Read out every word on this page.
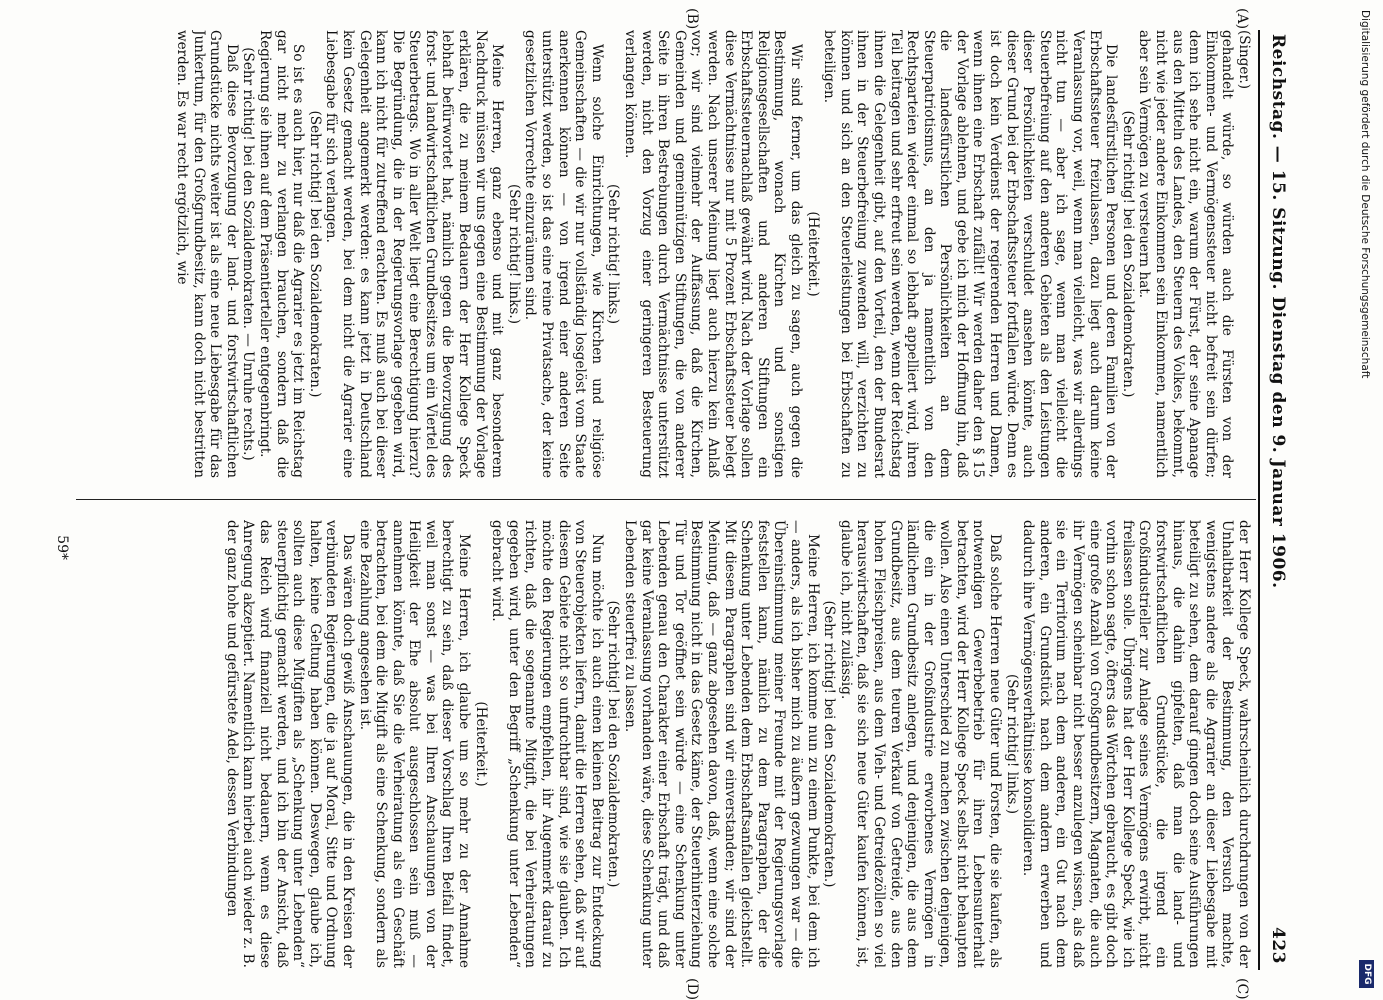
Reichstag. — 15. Sitzung. Dienstag den 9. Januar 1906.
423
(A)
(B)
(C)
(D)

(Singer.)

gehandelt würde, so würden auch die Fürsten von der Einkommen- und Vermögenssteuer nicht befreit sein dürfen; denn ich sehe nicht ein, warum der Fürst, der seine Apanage aus den Mitteln des Landes, den Steuern des Volkes, bekommt, nicht wie jeder andere Einkommen sein Einkommen, namentlich aber sein Vermögen zu versteuern hat.

(Sehr richtig! bei den Sozialdemokraten.)

Die landesfürstlichen Personen und deren Familien von der Erbschaftssteuer freizulassen, dazu liegt auch darum keine Veranlassung vor, weil, wenn man vielleicht, was wir allerdings nicht tun — aber ich sage, wenn man vielleicht die Steuerbefreiung auf den anderen Gebieten als den Leistungen dieser Persönlichkeiten verschuldet ansehen könnte, auch dieser Grund bei der Erbschaftssteuer fortfallen würde. Denn es ist doch kein Verdienst der regierenden Herren und Damen, wenn ihnen eine Erbschaft zufällt! Wir werden daher den § 15 der Vorlage ablehnen, und gebe ich mich der Hoffnung hin, daß die landesfürstlichen Persönlichkeiten an dem Steuerpatriotismus, an den ja namentlich von den Rechtsparteien wieder einmal so lebhaft appelliert wird, ihren Teil beitragen und sehr erfreut sein werden, wenn der Reichstag ihnen die Gelegenheit gibt, auf den Vorteil, den der Bundesrat ihnen in der Steuerbefreiung zuwenden will, verzichten zu können und sich an den Steuerleistungen bei Erbschaften zu beteiligen.

(Heiterkeit.)

Wir sind ferner, um das gleich zu sagen, auch gegen die Bestimmung, wonach Kirchen und sonstigen Religionsgesellschaften und anderen Stiftungen ein Erbschaftssteuernachlaß gewährt wird. Nach der Vorlage sollen diese Vermächtnisse nur mit 5 Prozent Erbschaftssteuer belegt werden. Nach unserer Meinung liegt auch hierzu kein Anlaß vor; wir sind vielmehr der Auffassung, daß die Kirchen, Gemeinden und gemeinnützigen Stiftungen, die von anderer Seite in ihren Bestrebungen durch Vermächtnisse unterstützt werden, nicht den Vorzug einer geringeren Besteuerung verlangen können.

(Sehr richtig! links.)

Wenn solche Einrichtungen, wie Kirchen und religiöse Gemeinschaften — die wir nur vollständig losgelöst vom Staate anerkennen können — von irgend einer anderen Seite unterstützt werden, so ist das eine reine Privatsache, der keine gesetzlichen Vorrechte einzuräumen sind.

(Sehr richtig! links.)

Meine Herren, ganz ebenso und mit ganz besonderem Nachdruck müssen wir uns gegen eine Bestimmung der Vorlage erklären, die zu meinem Bedauern der Herr Kollege Speck lebhaft befürwortet hat, nämlich gegen die Bevorzugung des forst- und landwirtschaftlichen Grundbesitzes um ein Viertel des Steuerbetrags. Wo in aller Welt liegt eine Berechtigung hierzu? Die Begründung, die in der Regierungsvorlage gegeben wird, kann ich nicht für zutreffend erachten. Es muß auch bei dieser Gelegenheit angemerkt werden: es kann jetzt in Deutschland kein Gesetz gemacht werden, bei dem nicht die Agrarier eine Liebesgabe für sich verlangen.

(Sehr richtig! bei den Sozialdemokraten.)

So ist es auch hier, nur daß die Agrarier es jetzt im Reichstag gar nicht mehr zu verlangen brauchen, sondern daß die Regierung sie ihnen auf dem Präsentierteller entgegenbringt.

(Sehr richtig! bei den Sozialdemokraten. — Unruhe rechts.)

Daß diese Bevorzugung der land- und forstwirtschaftlichen Grundstücke nichts weiter ist als eine neue Liebesgabe für das Junkertum, für den Großgrundbesitz, kann doch nicht bestritten werden. Es war recht ergötzlich, wie

der Herr Kollege Speck, wahrscheinlich durchdrungen von der Unhaltbarkeit der Bestimmung, den Versuch machte, wenigstens andere als die Agrarier an dieser Liebesgabe mit beteiligt zu sehen, dem darauf gingen doch seine Ausführungen hinaus, die dahin gipfelten, daß man die land- und forstwirtschaftlichen Grundstücke, die irgend ein Großindustrieller zur Anlage seines Vermögens erwirbt, nicht freilassen solle. Übrigens hat der Herr Kollege Speck, wie ich vorhin schon sagte, öfters das Wörtchen gebraucht, es gibt doch eine große Anzahl von Großgrundbesitzern, Magnaten, die auch ihr Vermögen scheinbar nicht besser anzulegen wissen, als daß sie ein Territorium nach dem anderen, ein Gut nach dem anderen, ein Grundstück nach dem andern erwerben und dadurch ihre Vermögensverhältnisse konsolidieren.

(Sehr richtig! links.)

Daß solche Herren neue Güter und Forsten, die sie kaufen, als notwendigen Gewerbebetrieb für ihren Lebensunterhalt betrachten, wird der Herr Kollege Speck selbst nicht behaupten wollen. Also einen Unterschied zu machen zwischen denjenigen, die ein in der Großindustrie erworbenes Vermögen in ländlichem Grundbesitz anlegen, und denjenigen, die aus dem Grundbesitz, aus dem teuren Verkauf von Getreide, aus den hohen Fleischpreisen, aus dem Vieh- und Getreidezöllen so viel herauswirtschaften, daß sie sich neue Güter kaufen können, ist, glaube ich, nicht zulässig.

(Sehr richtig! bei den Sozialdemokraten.)

Meine Herren, ich komme nun zu einem Punkte, bei dem ich — anders, als ich bisher mich zu äußern gezwungen war — die Übereinstimmung meiner Freunde mit der Regierungsvorlage feststellen kann, nämlich zu dem Paragraphen, der die Schenkung unter Lebenden dem Erbschaftsanfallen gleichstellt. Mit diesem Paragraphen sind wir einverstanden; wir sind der Meinung, daß — ganz abgesehen davon, daß, wenn eine solche Bestimmung nicht in das Gesetz käme, der Steuerhinterziehung Tür und Tor geöffnet sein würde — eine Schenkung unter Lebenden genau den Charakter einer Erbschaft trägt, und daß gar keine Veranlassung vorhanden wäre, diese Schenkung unter Lebenden steuerfrei zu lassen.

(Sehr richtig! bei den Sozialdemokraten.)

Nun möchte ich auch einen kleinen Beitrag zur Entdeckung von Steuerobjekten liefern, damit die Herren sehen, daß wir auf diesem Gebiete nicht so unfruchtbar sind, wie sie glauben. Ich möchte den Regierungen empfehlen, ihr Augenmerk darauf zu richten, daß die sogenannte Mitgift, die bei Verheiratungen gegeben wird, unter den Begriff „Schenkung unter Lebenden“ gebracht wird.

(Heiterkeit.)

Meine Herren, ich glaube um so mehr zu der Annahme berechtigt zu sein, daß dieser Vorschlag Ihren Beifall findet, weil man sonst — was bei Ihren Anschauungen von der Heiligkeit der Ehe absolut ausgeschlossen sein muß — annehmen könnte, daß Sie die Verheiratung als ein Geschäft betrachten, bei dem die Mitgift als eine Schenkung, sondern als eine Bezahlung angesehen ist.

Das wären doch gewiß Anschauungen, die in den Kreisen der verbündeten Regierungen, die ja auf Moral, Sitte und Ordnung halten, keine Geltung haben können. Deswegen, glaube ich, sollten auch diese Mitgiften als „Schenkung unter Lebenden“ steuerpflichtig gemacht werden, und ich bin der Ansicht, daß das Reich wird finanziell nicht bedauern, wenn es diese Anregung akzeptiert. Namentlich kann hierbei auch wieder z. B. der ganz hohe und gefürstete Adel, dessen Verbindungen

59*
Digitalisierung gefördert durch die Deutsche Forschungsgemeinschaft
DFG
